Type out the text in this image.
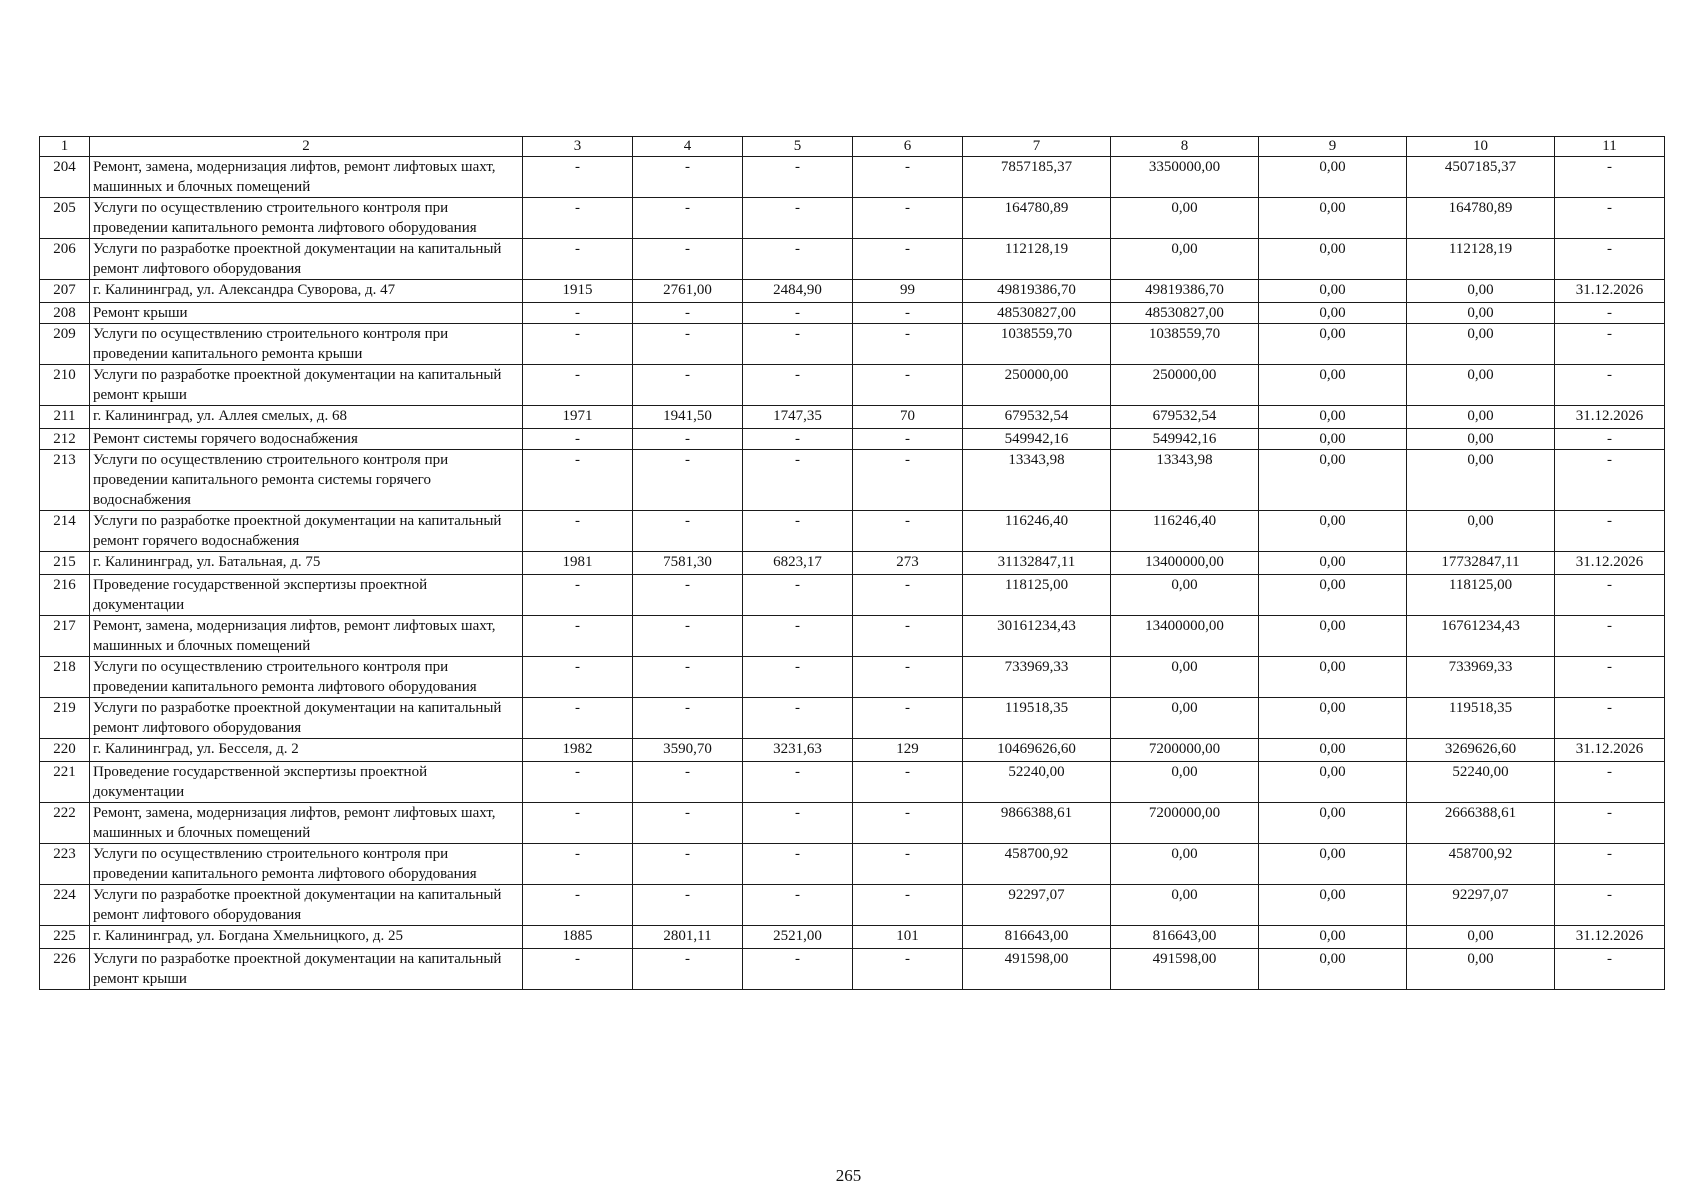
1	2	3	4	5	6	7	8	9	10	11
204	Ремонт, замена, модернизация лифтов, ремонт лифтовых шахт, машинных и блочных помещений	-	-	-	-	7857185,37	3350000,00	0,00	4507185,37	-
205	Услуги по осуществлению строительного контроля при проведении капитального ремонта лифтового оборудования	-	-	-	-	164780,89	0,00	0,00	164780,89	-
206	Услуги по разработке проектной документации на капитальный ремонт лифтового оборудования	-	-	-	-	112128,19	0,00	0,00	112128,19	-
207	г. Калининград, ул. Александра Суворова, д. 47	1915	2761,00	2484,90	99	49819386,70	49819386,70	0,00	0,00	31.12.2026
208	Ремонт крыши	-	-	-	-	48530827,00	48530827,00	0,00	0,00	-
209	Услуги по осуществлению строительного контроля при проведении капитального ремонта крыши	-	-	-	-	1038559,70	1038559,70	0,00	0,00	-
210	Услуги по разработке проектной документации на капитальный ремонт крыши	-	-	-	-	250000,00	250000,00	0,00	0,00	-
211	г. Калининград, ул. Аллея смелых, д. 68	1971	1941,50	1747,35	70	679532,54	679532,54	0,00	0,00	31.12.2026
212	Ремонт системы горячего водоснабжения	-	-	-	-	549942,16	549942,16	0,00	0,00	-
213	Услуги по осуществлению строительного контроля при проведении капитального ремонта системы горячего водоснабжения	-	-	-	-	13343,98	13343,98	0,00	0,00	-
214	Услуги по разработке проектной документации на капитальный ремонт горячего водоснабжения	-	-	-	-	116246,40	116246,40	0,00	0,00	-
215	г. Калининград, ул. Батальная, д. 75	1981	7581,30	6823,17	273	31132847,11	13400000,00	0,00	17732847,11	31.12.2026
216	Проведение государственной экспертизы проектной документации	-	-	-	-	118125,00	0,00	0,00	118125,00	-
217	Ремонт, замена, модернизация лифтов, ремонт лифтовых шахт, машинных и блочных помещений	-	-	-	-	30161234,43	13400000,00	0,00	16761234,43	-
218	Услуги по осуществлению строительного контроля при проведении капитального ремонта лифтового оборудования	-	-	-	-	733969,33	0,00	0,00	733969,33	-
219	Услуги по разработке проектной документации на капитальный ремонт лифтового оборудования	-	-	-	-	119518,35	0,00	0,00	119518,35	-
220	г. Калининград, ул. Бесселя, д. 2	1982	3590,70	3231,63	129	10469626,60	7200000,00	0,00	3269626,60	31.12.2026
221	Проведение государственной экспертизы проектной документации	-	-	-	-	52240,00	0,00	0,00	52240,00	-
222	Ремонт, замена, модернизация лифтов, ремонт лифтовых шахт, машинных и блочных помещений	-	-	-	-	9866388,61	7200000,00	0,00	2666388,61	-
223	Услуги по осуществлению строительного контроля при проведении капитального ремонта лифтового оборудования	-	-	-	-	458700,92	0,00	0,00	458700,92	-
224	Услуги по разработке проектной документации на капитальный ремонт лифтового оборудования	-	-	-	-	92297,07	0,00	0,00	92297,07	-
225	г. Калининград, ул. Богдана Хмельницкого, д. 25	1885	2801,11	2521,00	101	816643,00	816643,00	0,00	0,00	31.12.2026
226	Услуги по разработке проектной документации на капитальный ремонт крыши	-	-	-	-	491598,00	491598,00	0,00	0,00	-
265
